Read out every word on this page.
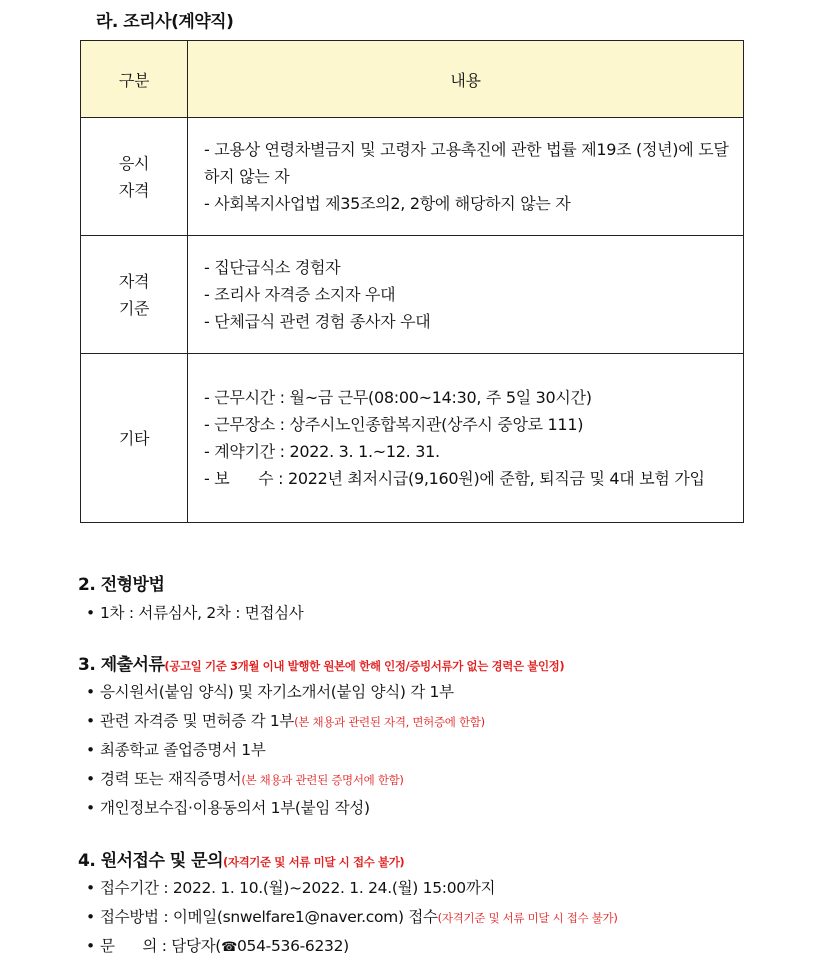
라. 조리사(계약직)
구분	내용

응시
자격	- 고용상 연령차별금지 및 고령자 고용촉진에 관한 법률 제19조 (정년)에 도달하지 않는 자
- 사회복지사업법 제35조의2, 2항에 해당하지 않는 자

자격
기준	- 집단급식소 경험자
- 조리사 자격증 소지자 우대
- 단체급식 관련 경험 종사자 우대

기타	- 근무시간 : 월~금 근무(08:00~14:30, 주 5일 30시간)
- 근무장소 : 상주시노인종합복지관(상주시 중앙로 111)
- 계약기간 : 2022. 3. 1.~12. 31.
- 보      수 : 2022년 최저시급(9,160원)에 준함, 퇴직금 및 4대 보험 가입
2. 전형방법
• 1차 : 서류심사, 2차 : 면접심사
3. 제출서류(공고일 기준 3개월 이내 발행한 원본에 한해 인정/증빙서류가 없는 경력은 불인정)
• 응시원서(붙임 양식) 및 자기소개서(붙임 양식) 각 1부
• 관련 자격증 및 면허증 각 1부(본 채용과 관련된 자격, 면허증에 한함)
• 최종학교 졸업증명서 1부
• 경력 또는 재직증명서(본 채용과 관련된 증명서에 한함)
• 개인정보수집·이용동의서 1부(붙임 작성)
4. 원서접수 및 문의(자격기준 및 서류 미달 시 접수 불가)
• 접수기간 : 2022. 1. 10.(월)~2022. 1. 24.(월) 15:00까지
• 접수방법 : 이메일(snwelfare1@naver.com) 접수(자격기준 및 서류 미달 시 접수 불가)
• 문      의 : 담당자(☎054-536-6232)
